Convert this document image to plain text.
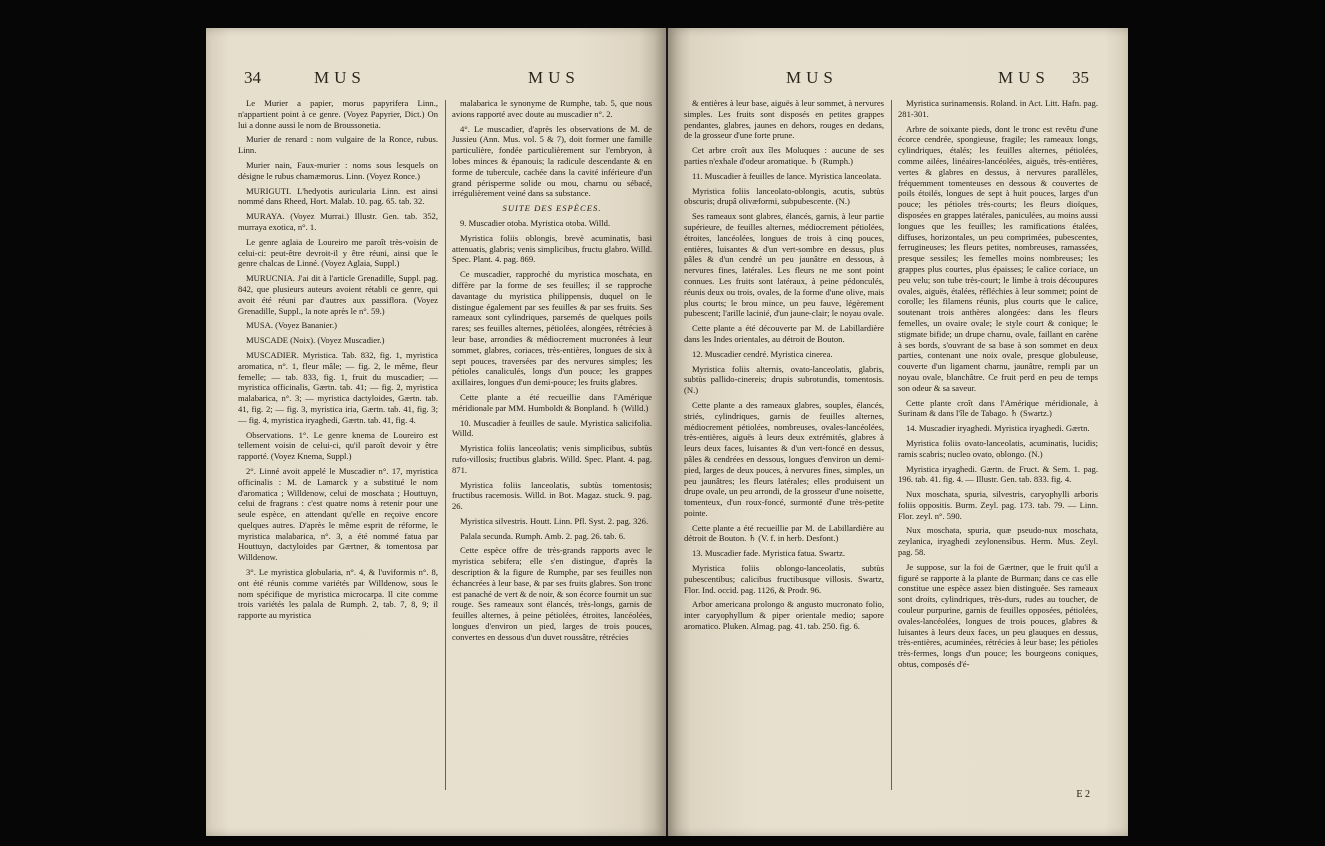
34	MUS	MUS

Le Murier a papier, morus papyrifera Linn., n'appartient point à ce genre. (Voyez Papyrier, Dict.) On lui a donne aussi le nom de Broussonetia.

Murier de renard : nom vulgaire de la Ronce, rubus. Linn.

Murier nain, Faux-murier : noms sous lesquels on désigne le rubus chamæmorus. Linn. (Voyez Ronce.)

MURIGUTI. L'hedyotis auricularia Linn. est ainsi nommé dans Rheed, Hort. Malab. 10. pag. 65. tab. 32.

MURAYA. (Voyez Murrai.) Illustr. Gen. tab. 352, murraya exotica, n°. 1.

Le genre aglaia de Loureiro me paroît très-voisin de celui-ci: peut-être devroit-il y être réuni, ainsi que le genre chalcas de Linné. (Voyez Aglaia, Suppl.)

MURUCNIA. J'ai dit à l'article Grenadille, Suppl. pag. 842, que plusieurs auteurs avoient rétabli ce genre, qui avoit été réuni par d'autres aux passiflora. (Voyez Grenadille, Suppl., la note après le n°. 59.)

MUSA. (Voyez Bananier.)

MUSCADE (Noix). (Voyez Muscadier.)

MUSCADIER. Myristica. Tab. 832, fig. 1, myristica aromatica, n°. 1, fleur mâle; — fig. 2, le même, fleur femelle; — tab. 833, fig. 1, fruit du muscadier; — myristica officinalis, Gærtn. tab. 41; — fig. 2, myristica malabarica, n°. 3; — myristica dactyloides, Gærtn. tab. 41, fig. 2; — fig. 3, myristica iria, Gærtn. tab. 41, fig. 3; — fig. 4, myristica iryaghedi, Gærtn. tab. 41, fig. 4.

Observations. 1°. Le genre knema de Loureiro est tellement voisin de celui-ci, qu'il paroît devoir y être rapporté. (Voyez Knema, Suppl.)

2°. Linné avoit appelé le Muscadier n°. 17, myristica officinalis : M. de Lamarck y a substitué le nom d'aromatica ; Willdenow, celui de moschata ; Houttuyn, celui de fragrans : c'est quatre noms à retenir pour une seule espèce, en attendant qu'elle en reçoive encore quelques autres. D'après le même esprit de réforme, le myristica malabarica, n°. 3, a été nommé fatua par Houttuyn, dactyloides par Gærtner, & tomentosa par Willdenow.

3°. Le myristica globularia, n°. 4, & l'uviformis n°. 8, ont été réunis comme variétés par Willdenow, sous le nom spécifique de myristica microcarpa. Il cite comme trois variétés les palala de Rumph. 2, tab. 7, 8, 9; il rapporte au myristica

malabarica le synonyme de Rumphe, tab. 5, que nous avions rapporté avec doute au muscadier n°. 2.

4°. Le muscadier, d'après les observations de M. de Jussieu (Ann. Mus. vol. 5 & 7), doit former une famille particulière, fondée particulièrement sur l'embryon, à lobes minces & épanouis; la radicule descendante & en forme de tubercule, cachée dans la cavité inférieure d'un grand périsperme solide ou mou, charnu ou sébacé, irrégulièrement veiné dans sa substance.

SUITE DES ESPÈCES.

9. Muscadier otoba. Myristica otoba. Willd.

Myristica foliis oblongis, brevè acuminatis, basi attenuatis, glabris; venis simplicibus, fructu glabro. Willd. Spec. Plant. 4. pag. 869.

Ce muscadier, rapproché du myristica moschata, en diffère par la forme de ses feuilles; il se rapproche davantage du myristica philippensis, duquel on le distingue également par ses feuilles & par ses fruits. Ses rameaux sont cylindriques, parsemés de quelques poils rares; ses feuilles alternes, pétiolées, alongées, rétrécies à leur base, arrondies & médiocrement mucronées à leur sommet, glabres, coriaces, très-entières, longues de six à sept pouces, traversées par des nervures simples; les pétioles canaliculés, longs d'un pouce; les grappes axillaires, longues d'un demi-pouce; les fruits glabres.

Cette plante a été recueillie dans l'Amérique méridionale par MM. Humboldt & Bonpland. ♄ (Willd.)

10. Muscadier à feuilles de saule. Myristica salicifolia. Willd.

Myristica foliis lanceolatis; venis simplicibus, subtùs rufo-villosis; fructibus glabris. Willd. Spec. Plant. 4. pag. 871.

Myristica foliis lanceolatis, subtùs tomentosis; fructibus racemosis. Willd. in Bot. Magaz. stuck. 9. pag. 26.

Myristica silvestris. Houtt. Linn. Pfl. Syst. 2. pag. 326.

Palala secunda. Rumph. Amb. 2. pag. 26. tab. 6.

Cette espèce offre de très-grands rapports avec le myristica sebifera; elle s'en distingue, d'après la description & la figure de Rumphe, par ses feuilles non échancrées à leur base, & par ses fruits glabres. Son tronc est panaché de vert & de noir, & son écorce fournit un suc rouge. Ses rameaux sont élancés, très-longs, garnis de feuilles alternes, à peine pétiolées, étroites, lancéolées, longues d'environ un pied, larges de trois pouces, convertes en dessous d'un duvet roussâtre, rétrécies

MUS	MUS 35

& entières à leur base, aiguës à leur sommet, à nervures simples. Les fruits sont disposés en petites grappes pendantes, glabres, jaunes en dehors, rouges en dedans, de la grosseur d'une forte prune.

Cet arbre croît aux îles Moluques : aucune de ses parties n'exhale d'odeur aromatique. ♄ (Rumph.)

11. Muscadier à feuilles de lance. Myristica lanceolata.

Myristica foliis lanceolato-oblongis, acutis, subtùs obscuris; drupâ olivæformi, subpubescente. (N.)

Ses rameaux sont glabres, élancés, garnis, à leur partie supérieure, de feuilles alternes, médiocrement pétiolées, étroites, lancéolées, longues de trois à cinq pouces, entières, luisantes & d'un vert-sombre en dessus, plus pâles & d'un cendré un peu jaunâtre en dessous, à nervures fines, latérales. Les fleurs ne me sont point connues. Les fruits sont latéraux, à peine pédonculés, réunis deux ou trois, ovales, de la forme d'une olive, mais plus courts; le brou mince, un peu fauve, légèrement pubescent; l'arille lacinié, d'un jaune-clair; le noyau ovale.

Cette plante a été découverte par M. de Labillardière dans les Indes orientales, au détroit de Bouton.

12. Muscadier cendré. Myristica cinerea.

Myristica foliis alternis, ovato-lanceolatis, glabris, subtùs pallido-cinereis; drupis subrotundis, tomentosis. (N.)

Cette plante a des rameaux glabres, souples, élancés, striés, cylindriques, garnis de feuilles alternes, médiocrement pétiolées, nombreuses, ovales-lancéolées, très-entières, aiguës à leurs deux extrémités, glabres à leurs deux faces, luisantes & d'un vert-foncé en dessus, pâles & cendrées en dessous, longues d'environ un demi-pied, larges de deux pouces, à nervures fines, simples, un peu jaunâtres; les fleurs latérales; elles produisent un drupe ovale, un peu arrondi, de la grosseur d'une noisette, tomenteux, d'un roux-foncé, surmonté d'une très-petite pointe.

Cette plante a été recueillie par M. de Labillardière au détroit de Bouton. ♄ (V. f. in herb. Desfont.)

13. Muscadier fade. Myristica fatua. Swartz.

Myristica foliis oblongo-lanceolatis, subtùs pubescentibus; calicibus fructibusque villosis. Swartz, Flor. Ind. occid. pag. 1126, & Prodr. 96.

Arbor americana prolongo & angusto mucronato folio, inter caryophyllum & piper orientale medio; sapore aromatico. Pluken. Almag. pag. 41. tab. 250. fig. 6.

Myristica surinamensis. Roland. in Act. Litt. Hafn. pag. 281-301.

Arbre de soixante pieds, dont le tronc est revêtu d'une écorce cendrée, spongieuse, fragile; les rameaux longs, cylindriques, étalés; les feuilles alternes, pétiolées, comme ailées, linéaires-lancéolées, aiguës, très-entières, vertes & glabres en dessus, à nervures parallèles, fréquemment tomenteuses en dessous & couvertes de poils étoilés, longues de sept à huit pouces, larges d'un pouce; les pétioles très-courts; les fleurs dioïques, disposées en grappes latérales, paniculées, au moins aussi longues que les feuilles; les ramifications étalées, diffuses, horizontales, un peu comprimées, pubescentes, ferrugineuses; les fleurs petites, nombreuses, ramassées, presque sessiles; les femelles moins nombreuses; les grappes plus courtes, plus épaisses; le calice coriace, un peu velu; son tube très-court; le limbe à trois découpures ovales, aiguës, étalées, réfléchies à leur sommet; point de corolle; les filamens réunis, plus courts que le calice, soutenant trois anthères alongées: dans les fleurs femelles, un ovaire ovale; le style court & conique; le stigmate bifide; un drupe charnu, ovale, faillant en carène à ses bords, s'ouvrant de sa base à son sommet en deux parties, contenant une noix ovale, presque globuleuse, couverte d'un ligament charnu, jaunâtre, rempli par un noyau ovale, blanchâtre. Ce fruit perd en peu de temps son odeur & sa saveur.

Cette plante croît dans l'Amérique méridionale, à Surinam & dans l'île de Tabago. ♄ (Swartz.)

14. Muscadier iryaghedi. Myristica iryaghedi. Gærtn.

Myristica foliis ovato-lanceolatis, acuminatis, lucidis; ramis scabris; nucleo ovato, oblongo. (N.)

Myristica iryaghedi. Gærtn. de Fruct. & Sem. 1. pag. 196. tab. 41. fig. 4. — Illustr. Gen. tab. 833. fig. 4.

Nux moschata, spuria, silvestris, caryophylli arboris foliis oppositis. Burm. Zeyl. pag. 173. tab. 79. — Linn. Flor. zeyl. n°. 590.

Nux moschata, spuria, quæ pseudo-nux moschata, zeylanica, iryaghedi zeylonensibus. Herm. Mus. Zeyl. pag. 58.

Je suppose, sur la foi de Gærtner, que le fruit qu'il a figuré se rapporte à la plante de Burman; dans ce cas elle constitue une espèce assez bien distinguée. Ses rameaux sont droits, cylindriques, très-durs, rudes au toucher, de couleur purpurine, garnis de feuilles opposées, pétiolées, ovales-lancéolées, longues de trois pouces, glabres & luisantes à leurs deux faces, un peu glauques en dessus, très-entières, acuminées, rétrécies à leur base; les pétioles très-fermes, longs d'un pouce; les bourgeons coniques, obtus, composés d'é-

E 2
